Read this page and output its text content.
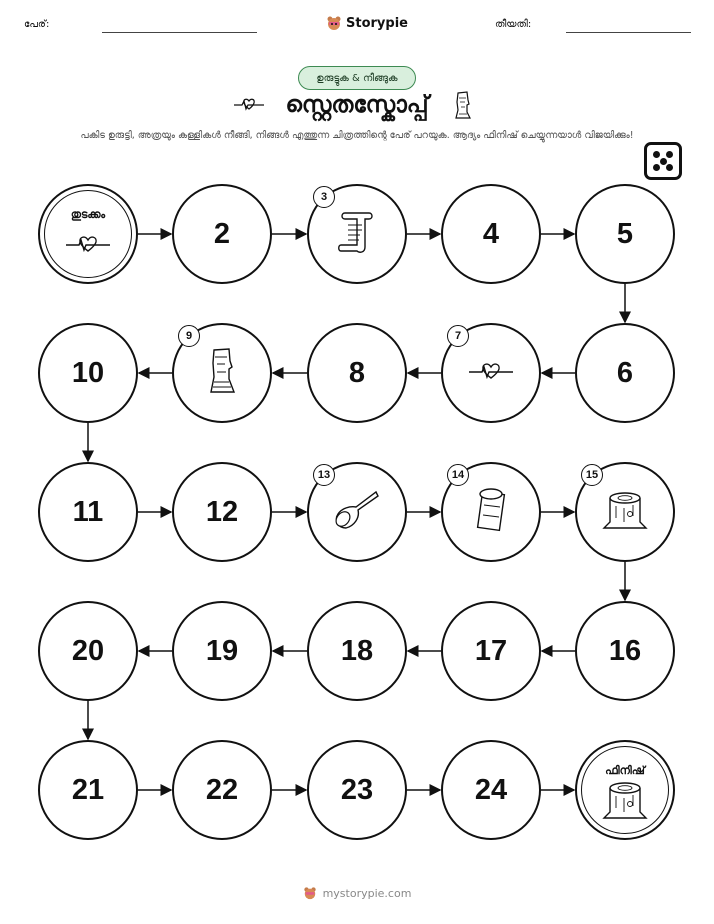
പേര്:	Storypie	തീയതി:
ഉരുട്ടുക & നീങ്ങുക
സ്റ്റെതസ്കോപ്പ്
പകിട ഉരുട്ടി, അത്രയും കള്ളികൾ നീങ്ങി, നിങ്ങൾ എത്തുന്ന ചിത്രത്തിന്റെ പേര് പറയുക. ആദ്യം ഫിനിഷ് ചെയ്യുന്നയാൾ വിജയിക്കും!
തുടക്കം
2
3
4	5
10
9
8
7
6
11	12
13	14	15
20	19	18	17	16
21	22	23	24
ഫിനിഷ്
mystorypie.com
